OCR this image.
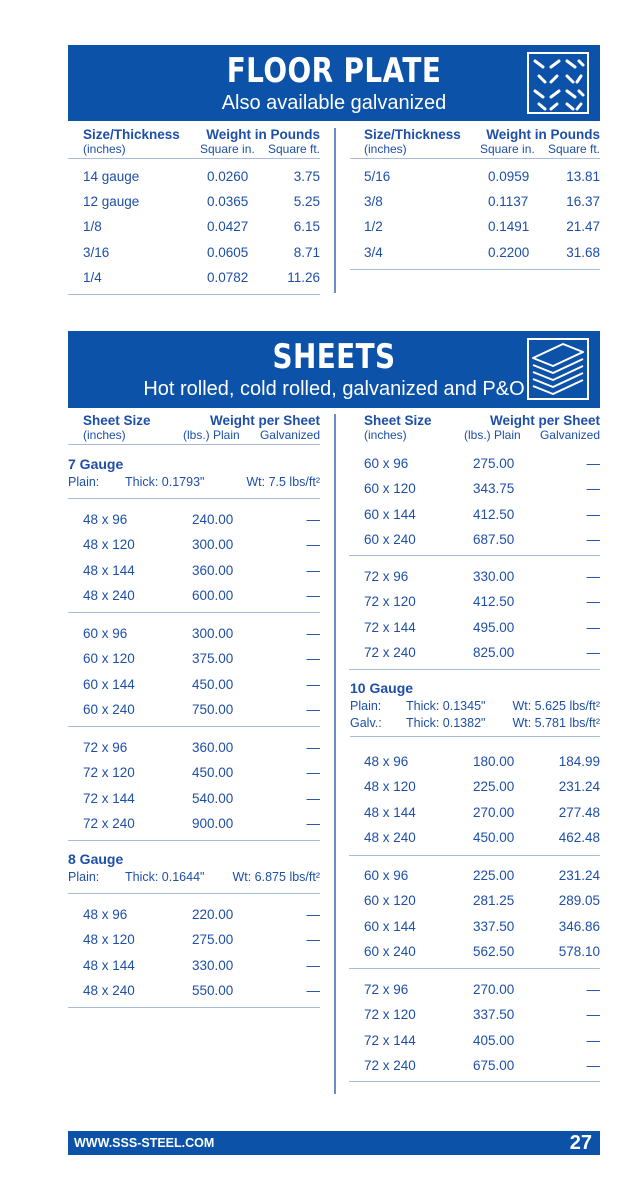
FLOOR PLATE
Also available galvanized
Size/Thickness Weight in Pounds
(inches)	Square in. Square ft.
Size/Thickness Weight in Pounds
(inches)	Square in. Square ft.
14 gauge	0.0260	3.75
12 gauge	0.0365	5.25
1/8	0.0427	6.15
3/16	0.0605	8.71
1/4	0.0782	11.26
5/16	0.0959	13.81
3/8	0.1137	16.37
1/2	0.1491	21.47
3/4	0.2200	31.68
SHEETS
Hot rolled, cold rolled, galvanized and P&O
Sheet Size	Weight per Sheet
(inches)	(lbs.) Plain Galvanized
Sheet Size	Weight per Sheet
(inches)	(lbs.) Plain Galvanized
7 Gauge
Plain: Thick: 0.1793"	Wt: 7.5 lbs/ft²
48 x 96	240.00	—
48 x 120	300.00	—
48 x 144	360.00	—
48 x 240	600.00	—
60 x 96	300.00	—
60 x 120	375.00	—
60 x 144	450.00	—
60 x 240	750.00	—
72 x 96	360.00	—
72 x 120	450.00	—
72 x 144	540.00	—
72 x 240	900.00	—
48 x 96	220.00	—
48 x 120	275.00	—
48 x 144	330.00	—
48 x 240	550.00	—
8 Gauge
Plain: Thick: 0.1644" Wt: 6.875 lbs/ft²
60 x 96	275.00	—
60 x 120	343.75	—
60 x 144	412.50	—
60 x 240	687.50	—
72 x 96	330.00	—
72 x 120	412.50	—
72 x 144	495.00	—
72 x 240	825.00	—
48 x 96	180.00	184.99
48 x 120	225.00	231.24
48 x 144	270.00	277.48
48 x 240	450.00	462.48
60 x 96	225.00	231.24
60 x 120	281.25	289.05
60 x 144	337.50	346.86
60 x 240	562.50	578.10
72 x 96	270.00	—
72 x 120	337.50	—
72 x 144	405.00	—
72 x 240	675.00	—
10 Gauge
Plain: Thick: 0.1345" Wt: 5.625 lbs/ft²
Galv.: Thick: 0.1382" Wt: 5.781 lbs/ft²
WWW.SSS-STEEL.COM	27
